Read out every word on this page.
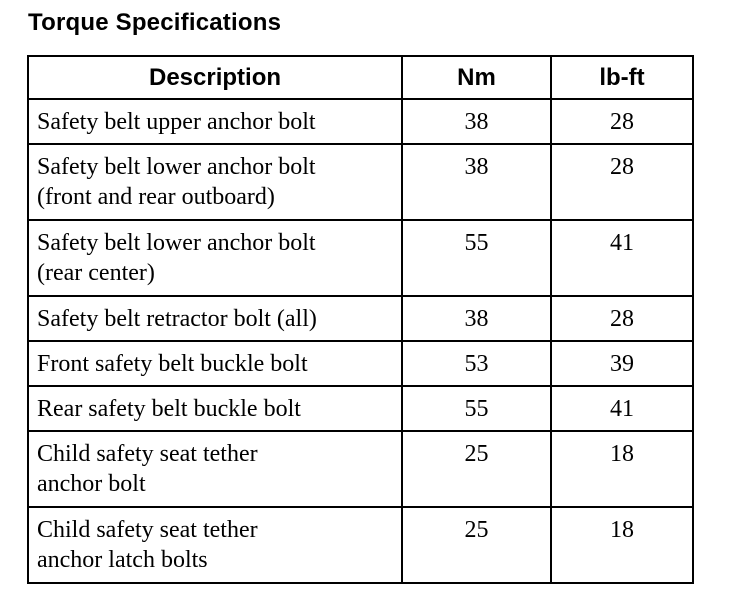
Torque Specifications
Description	Nm	lb-ft
Safety belt upper anchor bolt	38	28
Safety belt lower anchor bolt
(front and rear outboard)	38	28
Safety belt lower anchor bolt
(rear center)	55	41
Safety belt retractor bolt (all)	38	28
Front safety belt buckle bolt	53	39
Rear safety belt buckle bolt	55	41
Child safety seat tether
anchor bolt	25	18
Child safety seat tether
anchor latch bolts	25	18
